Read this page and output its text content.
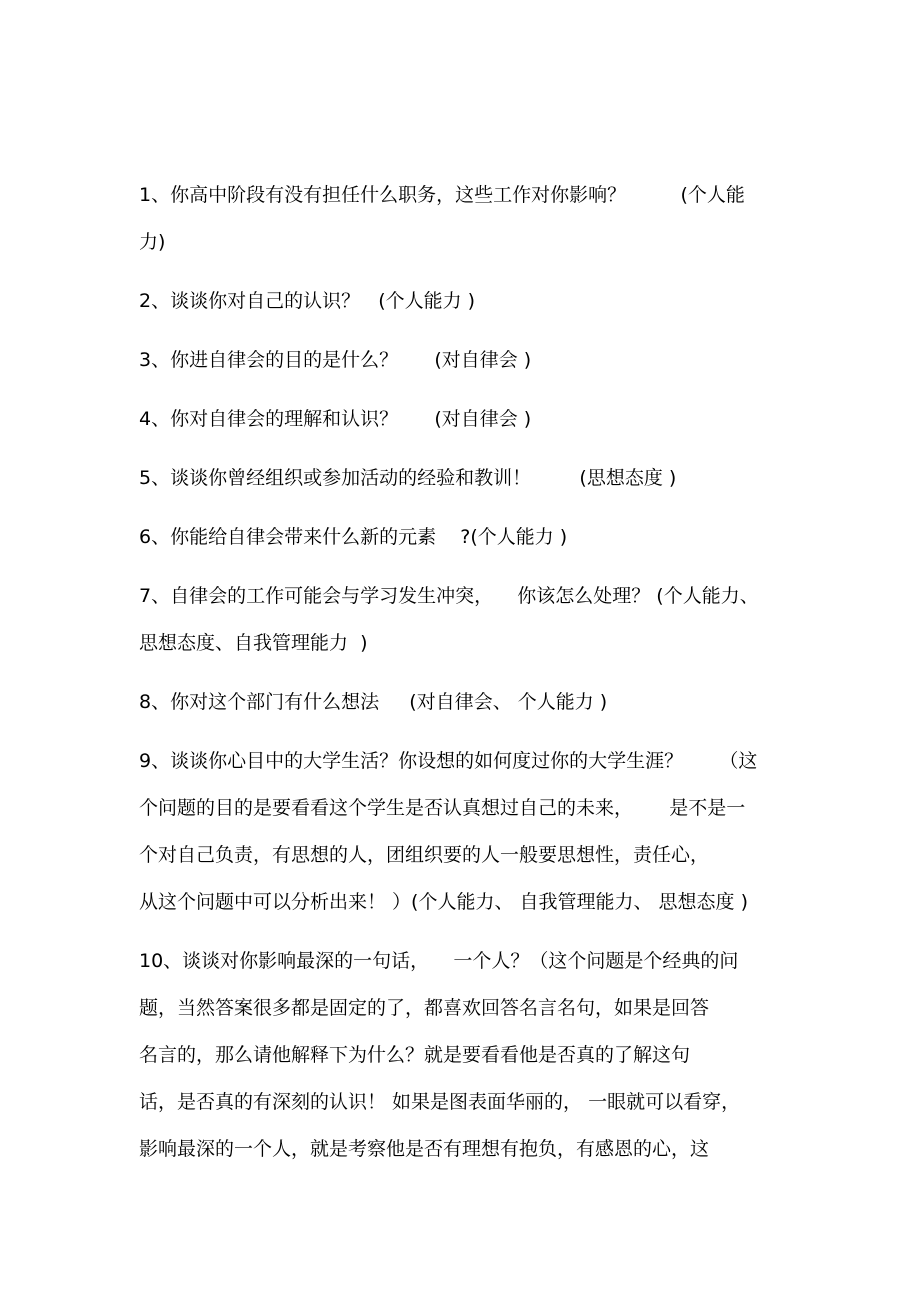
1、你高中阶段有没有担任什么职务，这些工作对你影响？         (个人能
力)
2、谈谈你对自己的认识？   (个人能力 )
3、你进自律会的目的是什么？      (对自律会 )
4、你对自律会的理解和认识？      (对自律会 )
5、谈谈你曾经组织或参加活动的经验和教训！        (思想态度 )
6、你能给自律会带来什么新的元素    ?(个人能力 )
7、自律会的工作可能会与学习发生冲突，    你该怎么处理？ (个人能力、
思想态度、自我管理能力  )
8、你对这个部门有什么想法     (对自律会、 个人能力 )
9、谈谈你心目中的大学生活？你设想的如何度过你的大学生涯？      （这
个问题的目的是要看看这个学生是否认真想过自己的未来，      是不是一
个对自己负责，有思想的人，团组织要的人一般要思想性，责任心，
从这个问题中可以分析出来！ ）(个人能力、 自我管理能力、 思想态度 )
10、谈谈对你影响最深的一句话，    一个人？（这个问题是个经典的问
题，当然答案很多都是固定的了，都喜欢回答名言名句，如果是回答
名言的，那么请他解释下为什么？就是要看看他是否真的了解这句
话，是否真的有深刻的认识！ 如果是图表面华丽的， 一眼就可以看穿，
影响最深的一个人，就是考察他是否有理想有抱负，有感恩的心，这
